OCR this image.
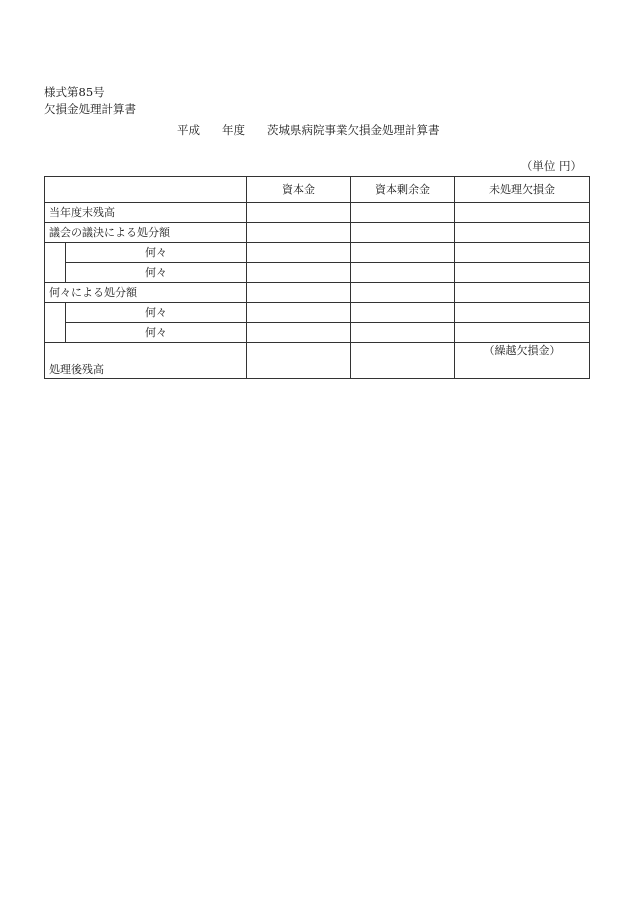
様式第85号
欠損金処理計算書
平成 年度 茨城県病院事業欠損金処理計算書
（単位 円）
		資本金	資本剰余金	未処理欠損金
当年度末残高				
議会の議決による処分額				
	何々			
	何々			
何々による処分額				
	何々			
	何々			
処理後残高				（繰越欠損金）
